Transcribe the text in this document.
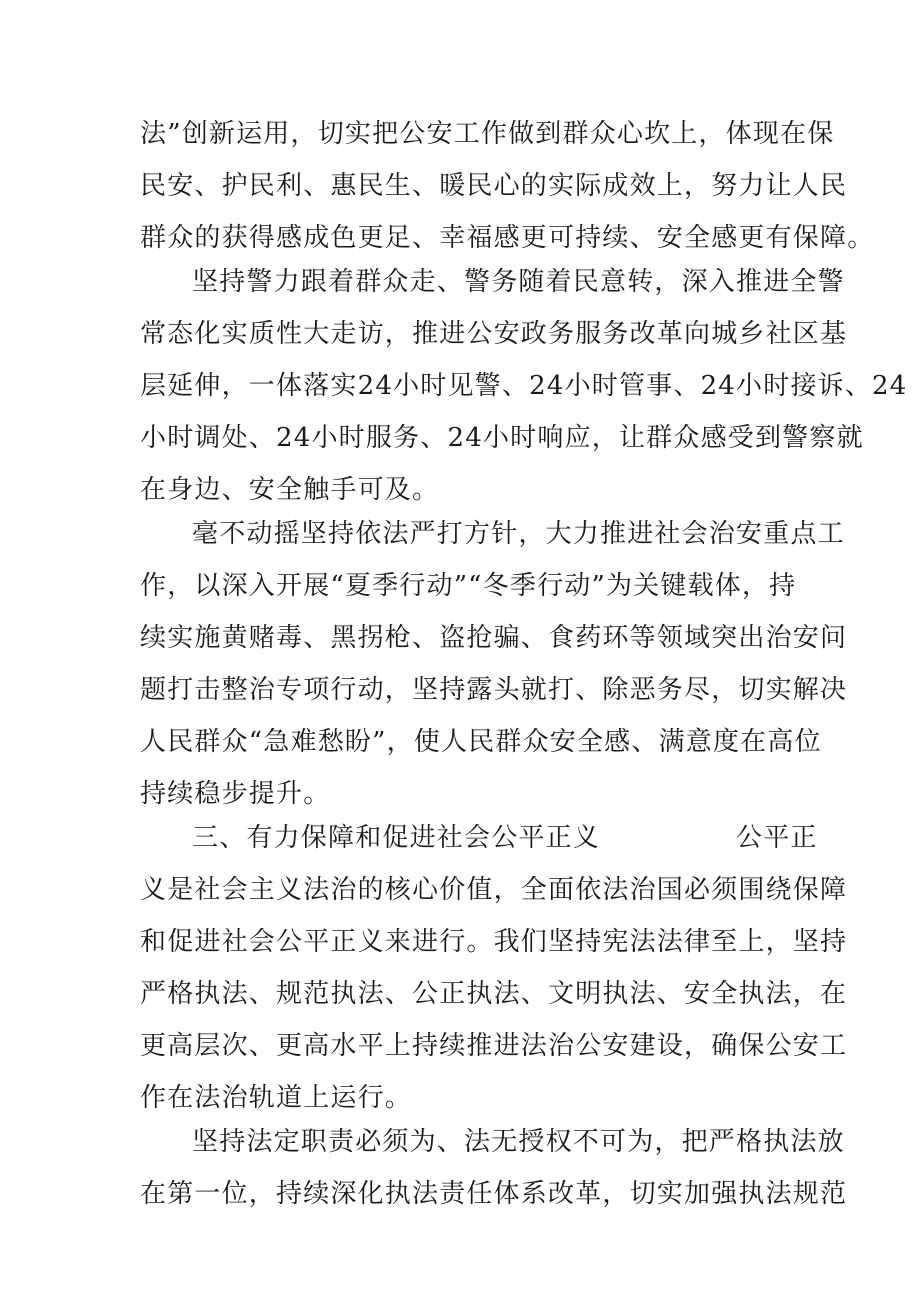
法”创新运用，切实把公安工作做到群众心坎上，体现在保
民安、护民利、惠民生、暖民心的实际成效上，努力让人民
群众的获得感成色更足、幸福感更可持续、安全感更有保障。
坚持警力跟着群众走、警务随着民意转，深入推进全警
常态化实质性大走访，推进公安政务服务改革向城乡社区基
层延伸，一体落实24小时见警、24小时管事、24小时接诉、24
小时调处、24小时服务、24小时响应，让群众感受到警察就
在身边、安全触手可及。
毫不动摇坚持依法严打方针，大力推进社会治安重点工
作，以深入开展“夏季行动”“冬季行动”为关键载体，持
续实施黄赌毒、黑拐枪、盗抢骗、食药环等领域突出治安问
题打击整治专项行动，坚持露头就打、除恶务尽，切实解决
人民群众“急难愁盼”，使人民群众安全感、满意度在高位
持续稳步提升。
三、有力保障和促进社会公平正义　　　　　公平正
义是社会主义法治的核心价值，全面依法治国必须围绕保障
和促进社会公平正义来进行。我们坚持宪法法律至上，坚持
严格执法、规范执法、公正执法、文明执法、安全执法，在
更高层次、更高水平上持续推进法治公安建设，确保公安工
作在法治轨道上运行。
坚持法定职责必须为、法无授权不可为，把严格执法放
在第一位，持续深化执法责任体系改革，切实加强执法规范
